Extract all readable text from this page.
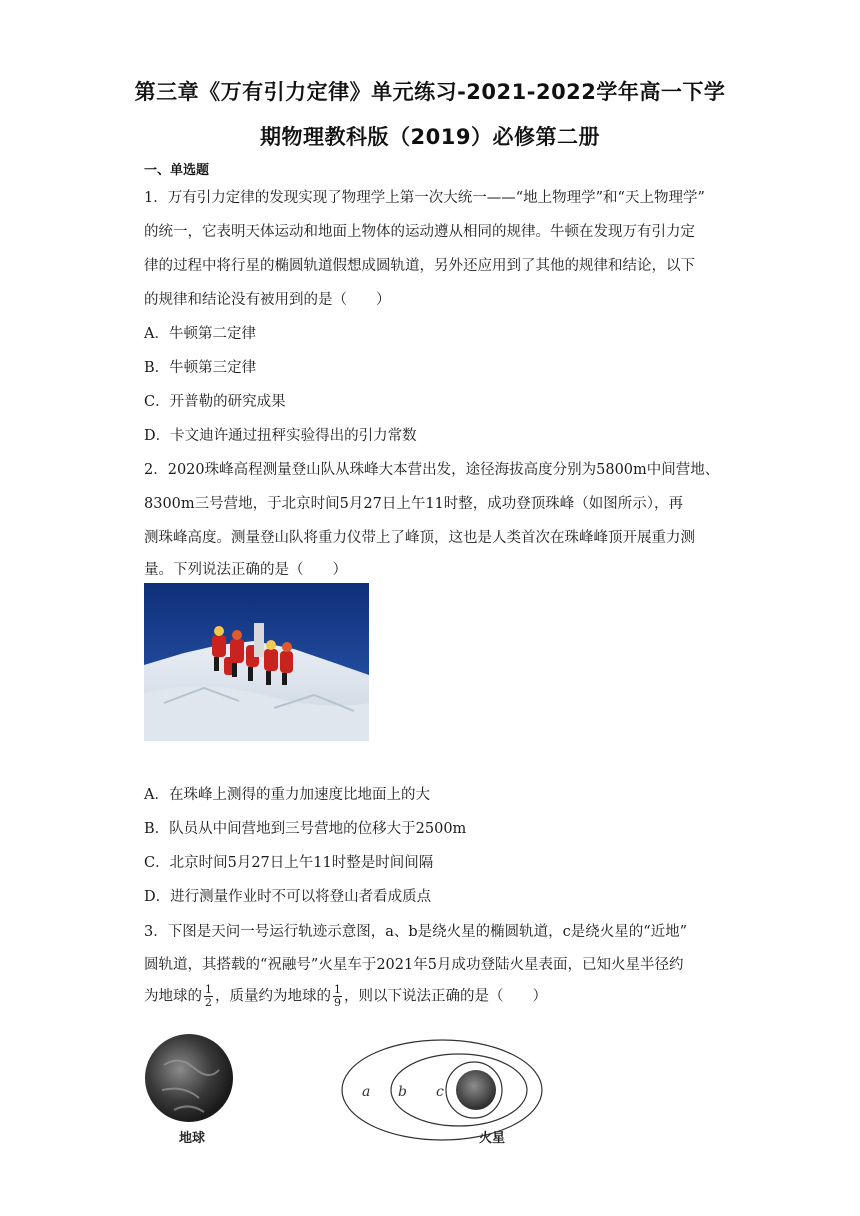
第三章《万有引力定律》单元练习-2021-2022学年高一下学
期物理教科版（2019）必修第二册
一、单选题
1．万有引力定律的发现实现了物理学上第一次大统一——“地上物理学”和“天上物理学”
的统一，它表明天体运动和地面上物体的运动遵从相同的规律。牛顿在发现万有引力定
律的过程中将行星的椭圆轨道假想成圆轨道，另外还应用到了其他的规律和结论，以下
的规律和结论没有被用到的是（　　）
A．牛顿第二定律
B．牛顿第三定律
C．开普勒的研究成果
D．卡文迪许通过扭秤实验得出的引力常数
2．2020珠峰高程测量登山队从珠峰大本营出发，途径海拔高度分别为5800m中间营地、
8300m三号营地，于北京时间5月27日上午11时整，成功登顶珠峰（如图所示），再
测珠峰高度。测量登山队将重力仪带上了峰顶，这也是人类首次在珠峰峰顶开展重力测
量。下列说法正确的是（　　）
A．在珠峰上测得的重力加速度比地面上的大
B．队员从中间营地到三号营地的位移大于2500m
C．北京时间5月27日上午11时整是时间间隔
D．进行测量作业时不可以将登山者看成质点
3．下图是天问一号运行轨迹示意图，a、b是绕火星的椭圆轨道，c是绕火星的“近地”
圆轨道，其搭载的“祝融号”火星车于2021年5月成功登陆火星表面，已知火星半径约
为地球的 $\frac{1}{2}$ ，质量约为地球的 $\frac{1}{9}$ ，则以下说法正确的是（　　）
地球	火星
a b c
